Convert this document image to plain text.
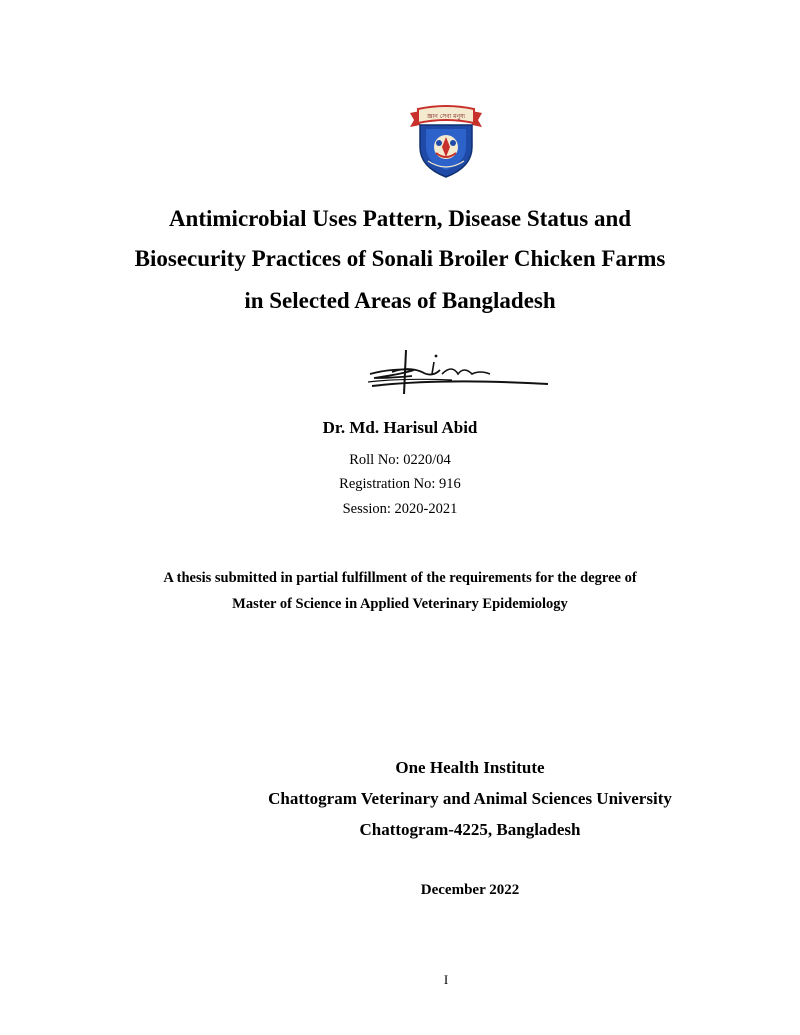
জ্ঞান সেবা মনুষ্য
Antimicrobial Uses Pattern, Disease Status and
Biosecurity Practices of Sonali Broiler Chicken Farms
in Selected Areas of Bangladesh
Dr. Md. Harisul Abid
Roll No: 0220/04
Registration No: 916
Session: 2020-2021
A thesis submitted in partial fulfillment of the requirements for the degree of
Master of Science in Applied Veterinary Epidemiology
One Health Institute
Chattogram Veterinary and Animal Sciences University
Chattogram-4225, Bangladesh
December 2022
I
